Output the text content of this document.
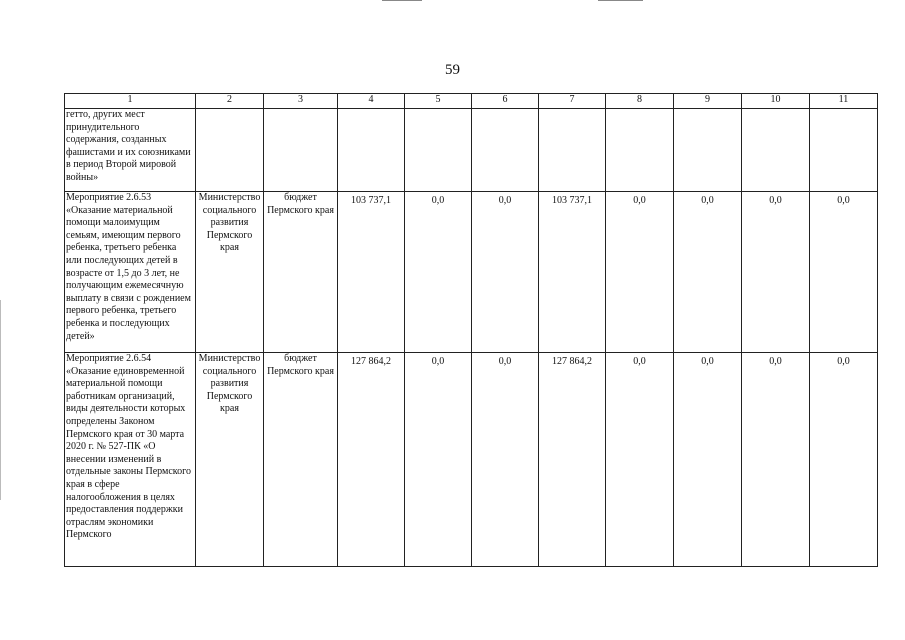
59
1	2	3	4	5	6	7	8	9	10	11
гетто, других мест принудительного содержания, созданных фашистами и их союзниками в период Второй мировой войны»										
Мероприятие 2.6.53 «Оказание материальной помощи малоимущим семьям, имеющим первого ребенка, третьего ребенка или последующих детей в возрасте от 1,5 до 3 лет, не получающим ежемесячную выплату в связи с рождением первого ребенка, третьего ребенка и последующих детей»	Министерство социального развития Пермского края	бюджет Пермского края	103 737,1	0,0	0,0	103 737,1	0,0	0,0	0,0	0,0
Мероприятие 2.6.54 «Оказание единовременной материальной помощи работникам организаций, виды деятельности которых определены Законом Пермского края от 30 марта 2020 г. № 527-ПК «О внесении изменений в отдельные законы Пермского края в сфере налогообложения в целях предоставления поддержки отраслям экономики Пермского	Министерство социального развития Пермского края	бюджет Пермского края	127 864,2	0,0	0,0	127 864,2	0,0	0,0	0,0	0,0
